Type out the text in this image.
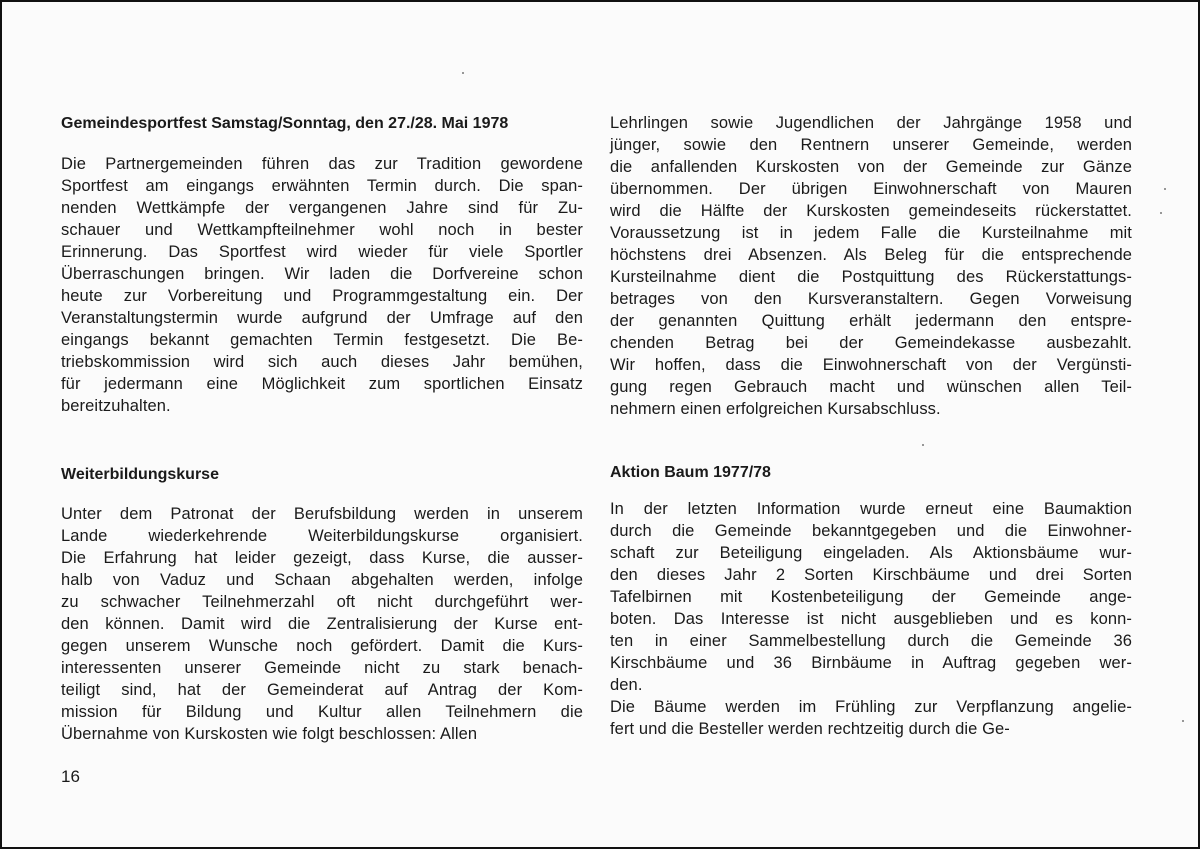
Gemeindesportfest Samstag/Sonntag, den 27./28. Mai 1978
Die Partnergemeinden führen das zur Tradition gewordene
Sportfest am eingangs erwähnten Termin durch. Die span-
nenden Wettkämpfe der vergangenen Jahre sind für Zu-
schauer und Wettkampfteilnehmer wohl noch in bester
Erinnerung. Das Sportfest wird wieder für viele Sportler
Überraschungen bringen. Wir laden die Dorfvereine schon
heute zur Vorbereitung und Programmgestaltung ein. Der
Veranstaltungstermin wurde aufgrund der Umfrage auf den
eingangs bekannt gemachten Termin festgesetzt. Die Be-
triebskommission wird sich auch dieses Jahr bemühen,
für jedermann eine Möglichkeit zum sportlichen Einsatz
bereitzuhalten.
Weiterbildungskurse
Unter dem Patronat der Berufsbildung werden in unserem
Lande wiederkehrende Weiterbildungskurse organisiert.
Die Erfahrung hat leider gezeigt, dass Kurse, die ausser-
halb von Vaduz und Schaan abgehalten werden, infolge
zu schwacher Teilnehmerzahl oft nicht durchgeführt wer-
den können. Damit wird die Zentralisierung der Kurse ent-
gegen unserem Wunsche noch gefördert. Damit die Kurs-
interessenten unserer Gemeinde nicht zu stark benach-
teiligt sind, hat der Gemeinderat auf Antrag der Kom-
mission für Bildung und Kultur allen Teilnehmern die
Übernahme von Kurskosten wie folgt beschlossen: Allen
Lehrlingen sowie Jugendlichen der Jahrgänge 1958 und
jünger, sowie den Rentnern unserer Gemeinde, werden
die anfallenden Kurskosten von der Gemeinde zur Gänze
übernommen. Der übrigen Einwohnerschaft von Mauren
wird die Hälfte der Kurskosten gemeindeseits rückerstattet.
Voraussetzung ist in jedem Falle die Kursteilnahme mit
höchstens drei Absenzen. Als Beleg für die entsprechende
Kursteilnahme dient die Postquittung des Rückerstattungs-
betrages von den Kursveranstaltern. Gegen Vorweisung
der genannten Quittung erhält jedermann den entspre-
chenden Betrag bei der Gemeindekasse ausbezahlt.
Wir hoffen, dass die Einwohnerschaft von der Vergünsti-
gung regen Gebrauch macht und wünschen allen Teil-
nehmern einen erfolgreichen Kursabschluss.
Aktion Baum 1977/78
In der letzten Information wurde erneut eine Baumaktion
durch die Gemeinde bekanntgegeben und die Einwohner-
schaft zur Beteiligung eingeladen. Als Aktionsbäume wur-
den dieses Jahr 2 Sorten Kirschbäume und drei Sorten
Tafelbirnen mit Kostenbeteiligung der Gemeinde ange-
boten. Das Interesse ist nicht ausgeblieben und es konn-
ten in einer Sammelbestellung durch die Gemeinde 36
Kirschbäume und 36 Birnbäume in Auftrag gegeben wer-
den.
Die Bäume werden im Frühling zur Verpflanzung angelie-
fert und die Besteller werden rechtzeitig durch die Ge-
16
